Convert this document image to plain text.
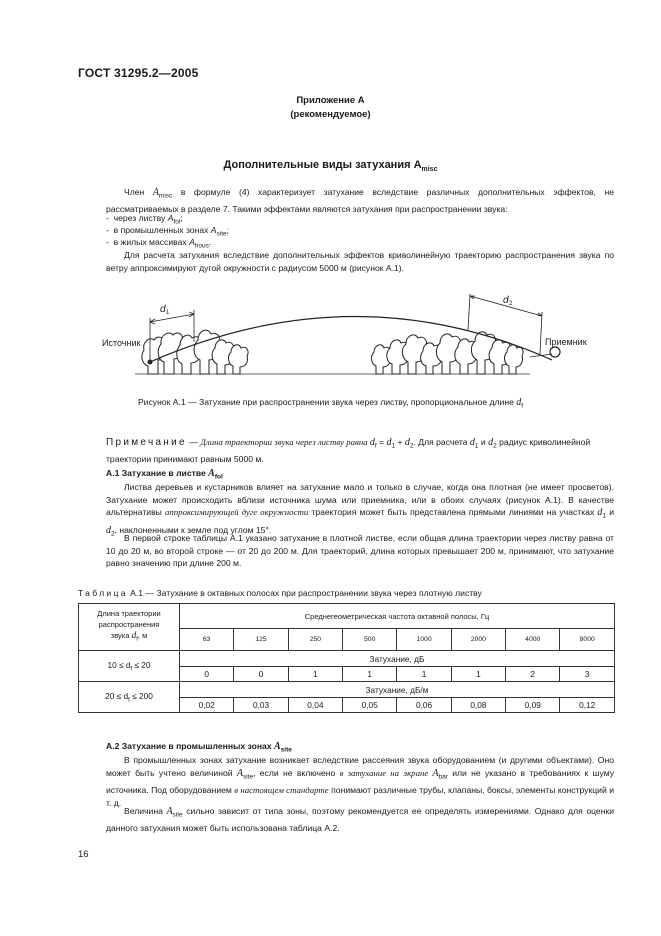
ГОСТ 31295.2—2005
Приложение А
(рекомендуемое)
Дополнительные виды затухания $A_{misc}$
Член $A_{misc}$ в формуле (4) характеризует затухание вследствие различных дополнительных эффектов, не рассматриваемых в разделе 7. Такими эффектами являются затухания при распространении звука:
- через листву $A_{fol}$;
- в промышленных зонах $A_{site}$;
- в жилых массивах $A_{hous}$.
Для расчета затухания вследствие дополнительных эффектов криволинейную траекторию распространения звука по ветру аппроксимируют дугой окружности с радиусом 5000 м (рисунок А.1).
Источник	Приемник
d 1
d 2
Рисунок А.1 — Затухание при распространении звука через листву, пропорциональное длине $d_f$
Примечание — Длина траектории звука через листву равна $d_f = d_1 + d_2$. Для расчета $d_1$ и $d_2$ радиус криволинейной траектории принимают равным 5000 м.
А.1 Затухание в листве $A_{fol}$
Листва деревьев и кустарников влияет на затухание мало и только в случае, когда она плотная (не имеет просветов). Затухание может происходить вблизи источника шума или приемника, или в обоих случаях (рисунок А.1). В качестве альтернативы аппроксимирующей дуге окружности траектория может быть представлена прямыми линиями на участках $d_1$ и $d_2$, наклоненными к земле под углом 15°.
В первой строке таблицы А.1 указано затухание в плотной листве, если общая длина траектории через листву равна от 10 до 20 м, во второй строке — от 20 до 200 м. Для траекторий, длина которых превышает 200 м, принимают, что затухание равно значению при длине 200 м.
Таблица А.1 — Затухание в октавных полосах при распространении звука через плотную листву
Длина траектории
распространения
звука $d_f$, м	Среднегеометрическая частота октавной полосы, Гц							
	63	125	250	500	1000	2000	4000	8000
$10 \le d_f \le 20$	Затухание, дБ							
	0	0	1	1	1	1	2	3
$20 \le d_f \le 200$	Затухание, дБ/м							
	0,02	0,03	0,04	0,05	0,06	0,08	0,09	0,12
А.2 Затухание в промышленных зонах $A_{site}$
В промышленных зонах затухание возникает вследствие рассеяния звука оборудованием (и другими объектами). Оно может быть учтено величиной $A_{site}$, если не включено в затухание на экране $A_{bar}$ или не указано в требованиях к шуму источника. Под оборудованием в настоящем стандарте понимают различные трубы, клапаны, боксы, элементы конструкций и т. д.
Величина $A_{site}$ сильно зависит от типа зоны, поэтому рекомендуется ее определять измерениями. Однако для оценки данного затухания может быть использована таблица А.2.
16
